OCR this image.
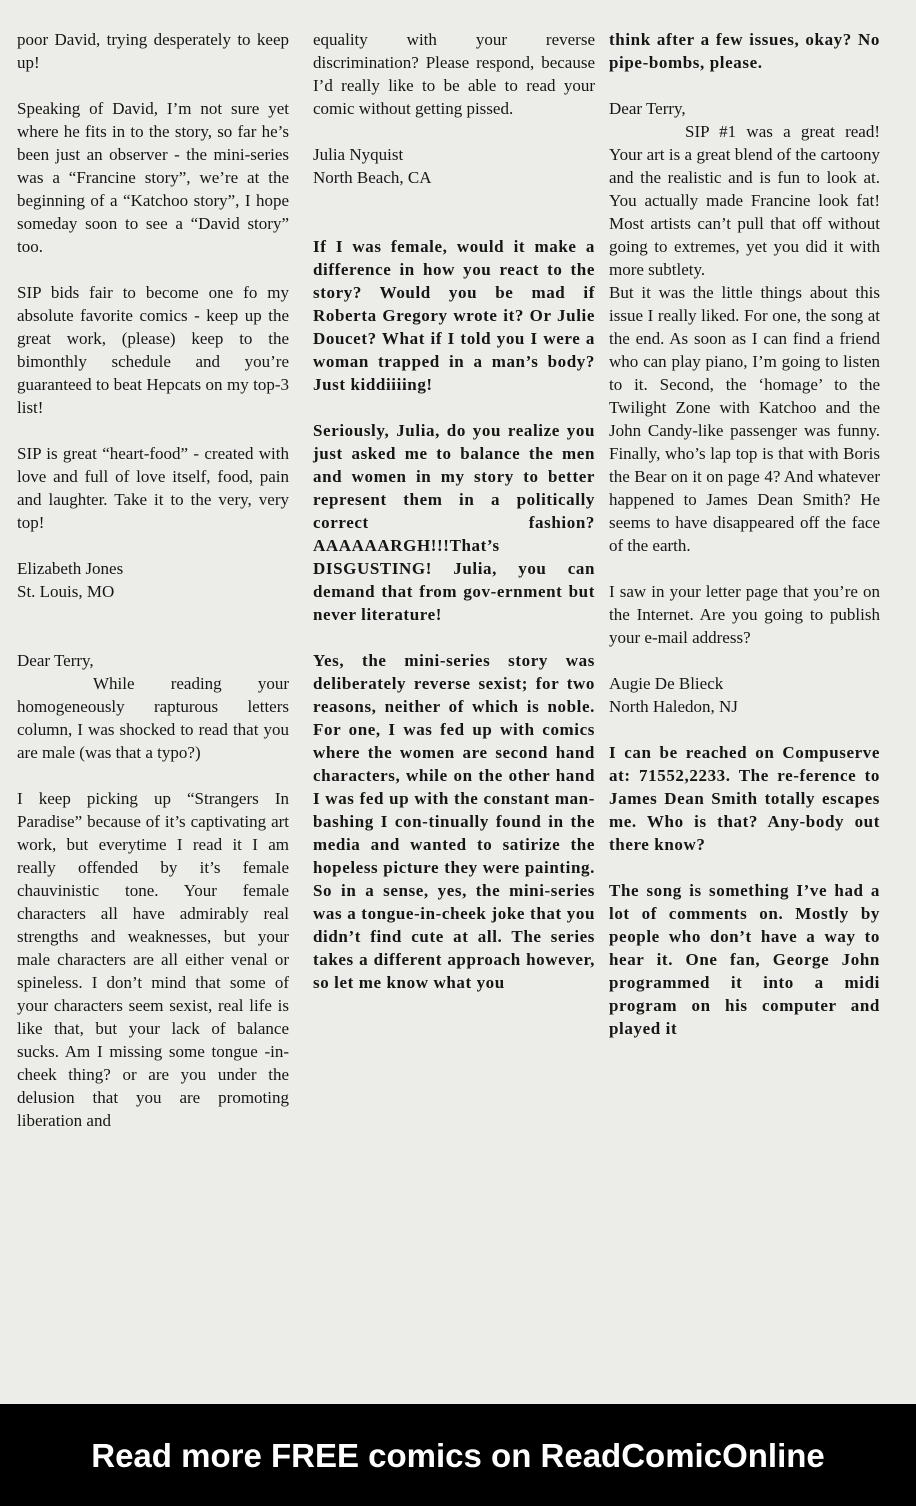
poor David, trying desperately to keep up!

Speaking of David, I’m not sure yet where he fits in to the story, so far he’s been just an observer - the mini-series was a “Francine story”, we’re at the beginning of a “Katchoo story”, I hope someday soon to see a “David story” too.

SIP bids fair to become one fo my absolute favorite comics - keep up the great work, (please) keep to the bimonthly schedule and you’re guaranteed to beat Hepcats on my top-3 list!

SIP is great “heart-food” - created with love and full of love itself, food, pain and laughter. Take it to the very, very top!

Elizabeth Jones

St. Louis, MO

Dear Terry,

While reading your homogeneously rapturous letters column, I was shocked to read that you are male (was that a typo?)

I keep picking up “Strangers In Paradise” because of it’s captivating art work, but everytime I read it I am really offended by it’s female chauvinistic tone. Your female characters all have admirably real strengths and weaknesses, but your male characters are all either venal or spineless. I don’t mind that some of your characters seem sexist, real life is like that, but your lack of balance sucks. Am I missing some tongue -in-cheek thing? or are you under the delusion that you are promoting liberation and

equality with your reverse discrimination? Please respond, because I’d really like to be able to read your comic without getting pissed.

Julia Nyquist

North Beach, CA

If I was female, would it make a difference in how you react to the story? Would you be mad if Roberta Gregory wrote it? Or Julie Doucet? What if I told you I were a woman trapped in a man’s body? Just kiddiiiing!

Seriously, Julia, do you realize you just asked me to balance the men and women in my story to better represent them in a politically correct fashion? AAAAAARGH!!!That’s DISGUSTING! Julia, you can demand that from gov-ernment but never literature!

Yes, the mini-series story was deliberately reverse sexist; for two reasons, neither of which is noble. For one, I was fed up with comics where the women are second hand characters, while on the other hand I was fed up with the constant man-bashing I con-tinually found in the media and wanted to satirize the hopeless picture they were painting. So in a sense, yes, the mini-series was a tongue-in-cheek joke that you didn’t find cute at all. The series takes a different approach however, so let me know what you

think after a few issues, okay? No pipe-bombs, please.

Dear Terry,

SIP #1 was a great read! Your art is a great blend of the cartoony and the realistic and is fun to look at. You actually made Francine look fat! Most artists can’t pull that off without going to extremes, yet you did it with more subtlety.

But it was the little things about this issue I really liked. For one, the song at the end. As soon as I can find a friend who can play piano, I’m going to listen to it. Second, the ‘homage’ to the Twilight Zone with Katchoo and the John Candy-like passenger was funny. Finally, who’s lap top is that with Boris the Bear on it on page 4? And whatever happened to James Dean Smith? He seems to have disappeared off the face of the earth.

I saw in your letter page that you’re on the Internet. Are you going to publish your e-mail address?

Augie De Blieck

North Haledon, NJ

I can be reached on Compuserve at: 71552,2233. The re-ference to James Dean Smith totally escapes me. Who is that? Any-body out there know?

The song is something I’ve had a lot of comments on. Mostly by people who don’t have a way to hear it. One fan, George John programmed it into a midi program on his computer and played it

Read more FREE comics on ReadComicOnline
